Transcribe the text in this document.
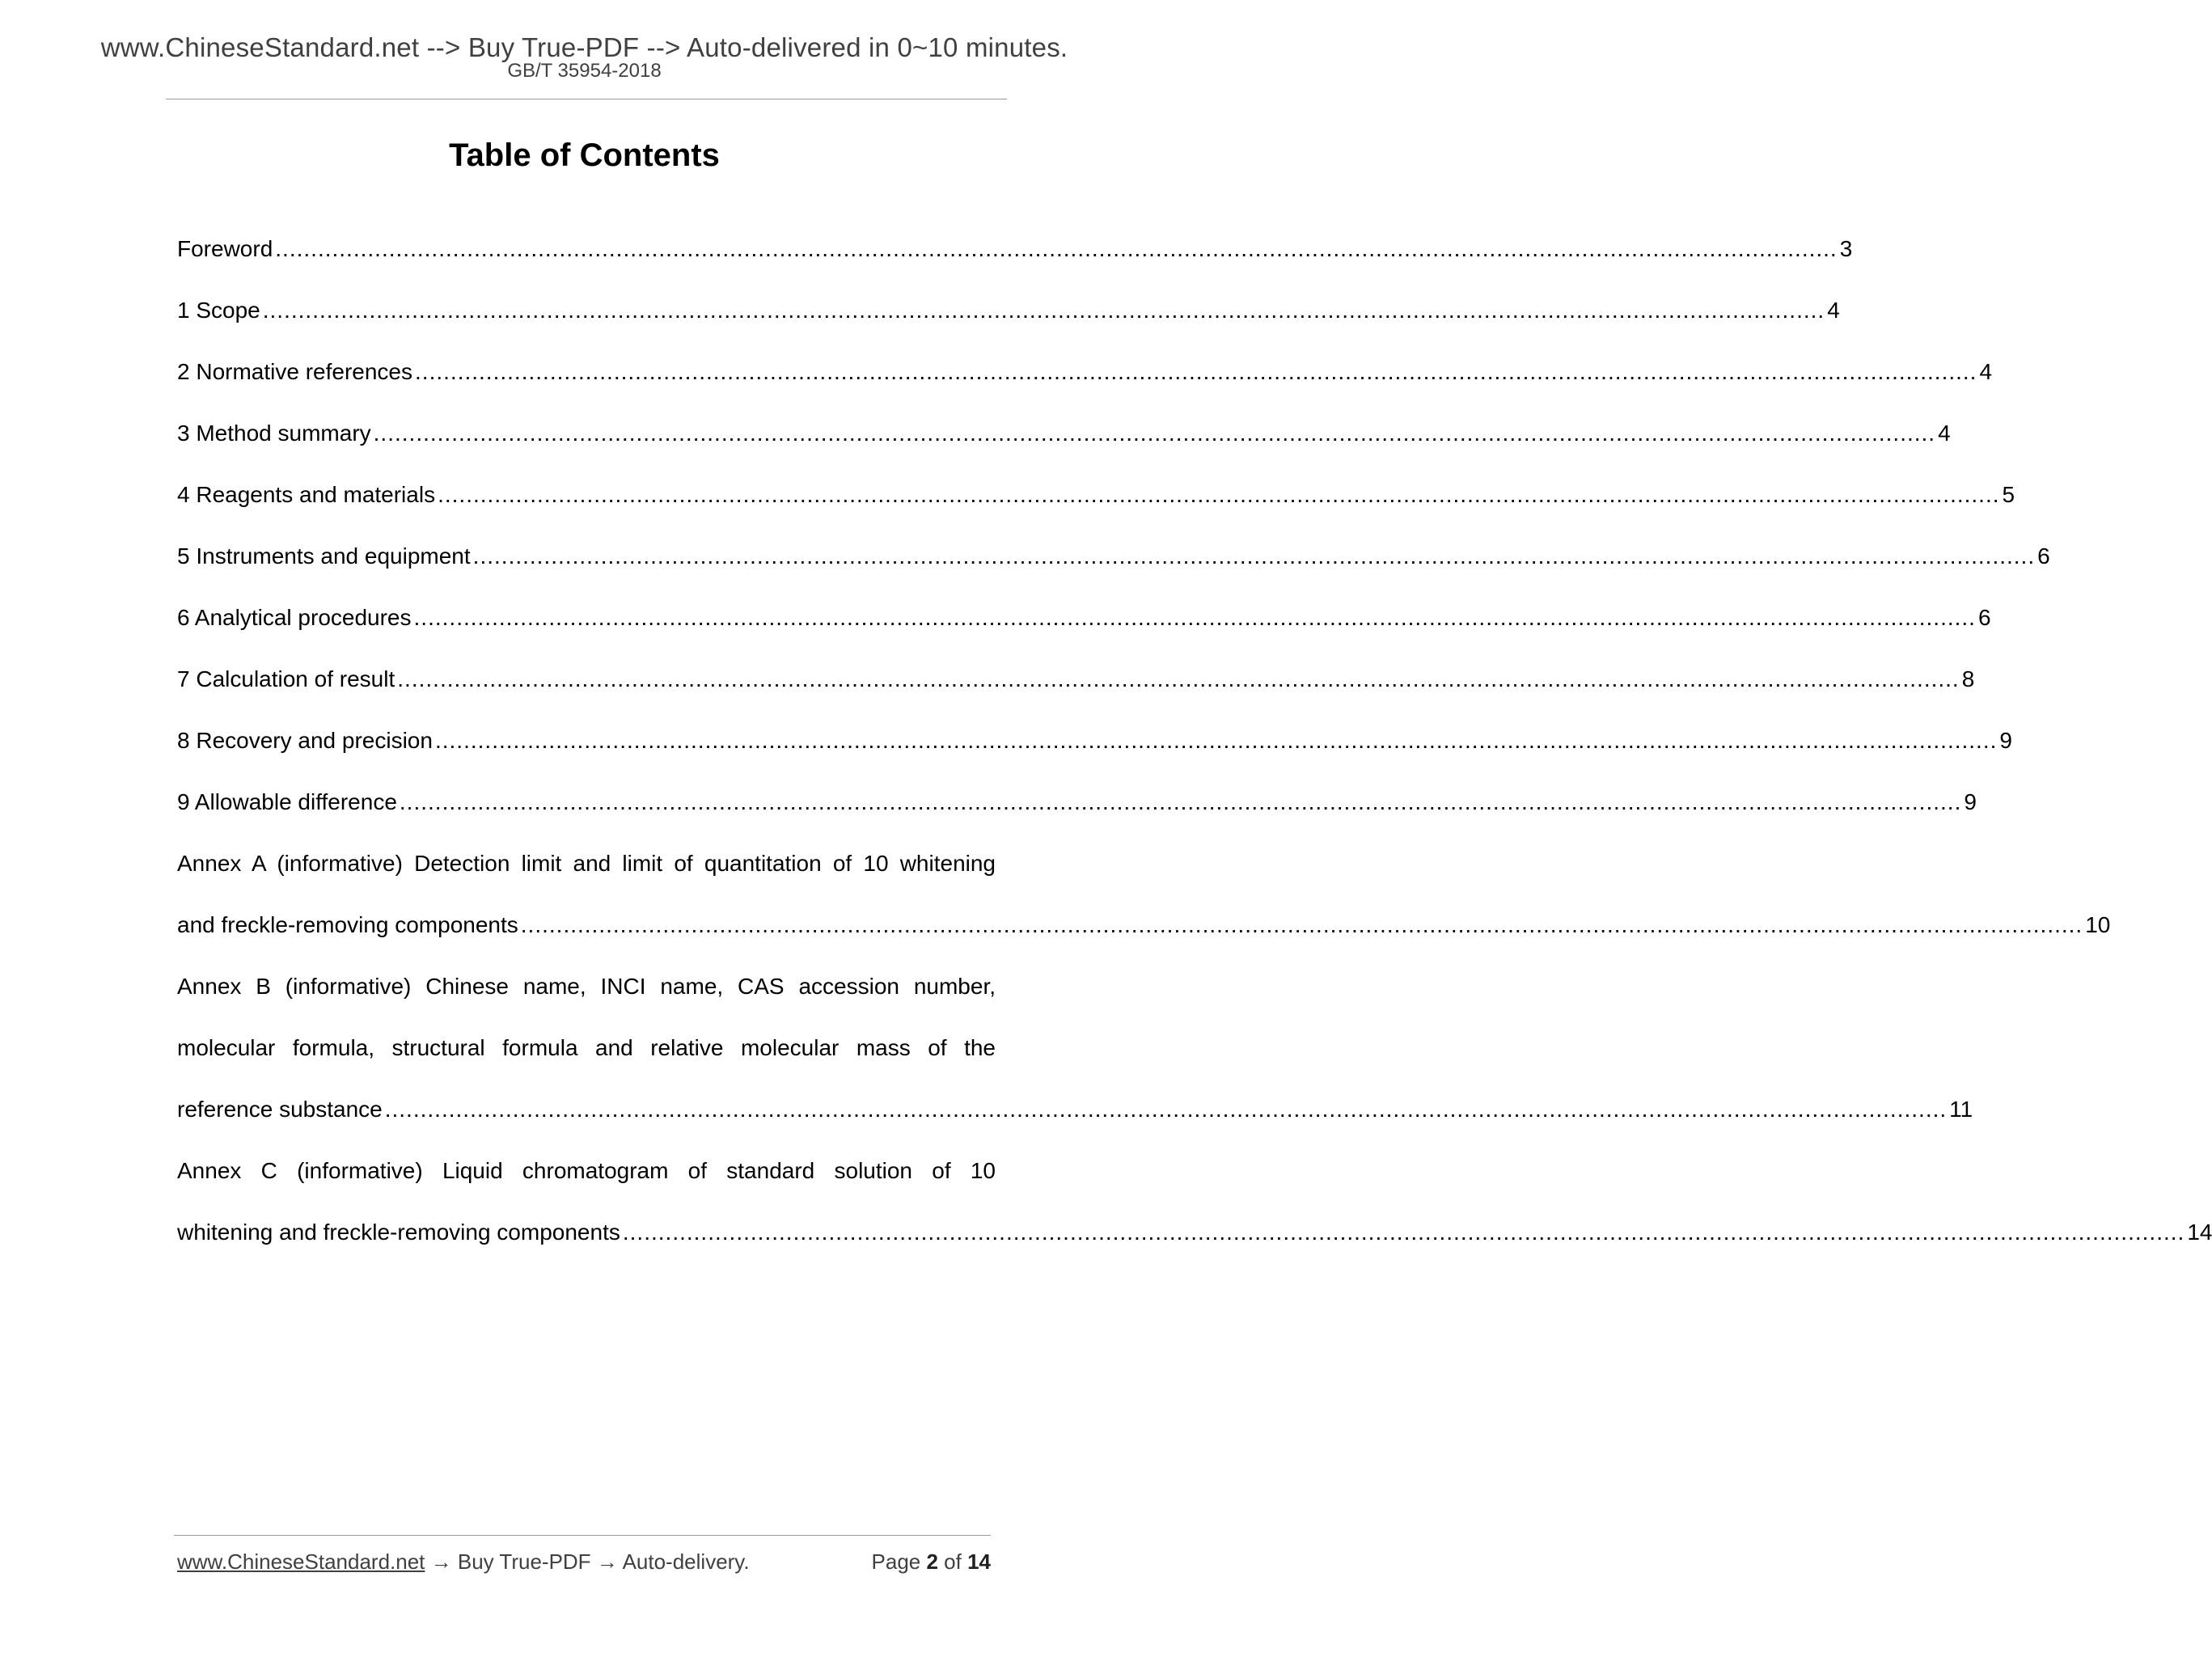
www.ChineseStandard.net --> Buy True-PDF --> Auto-delivered in 0~10 minutes.
GB/T 35954-2018
Table of Contents
Foreword ............................................................................................................................................................................................................................ 3
1 Scope ............................................................................................................................................................................................................................ 4
2 Normative references ............................................................................................................................................................................................................................ 4
3 Method summary ............................................................................................................................................................................................................................ 4
4 Reagents and materials ............................................................................................................................................................................................................................ 5
5 Instruments and equipment ............................................................................................................................................................................................................................ 6
6 Analytical procedures ............................................................................................................................................................................................................................ 6
7 Calculation of result ............................................................................................................................................................................................................................ 8
8 Recovery and precision ............................................................................................................................................................................................................................ 9
9 Allowable difference ............................................................................................................................................................................................................................ 9
Annex A (informative) Detection limit and limit of quantitation of 10 whitening
and freckle-removing components ............................................................................................................................................................................................................................ 10
Annex B (informative) Chinese name, INCI name, CAS accession number,
molecular formula, structural formula and relative molecular mass of the
reference substance ............................................................................................................................................................................................................................ 11
Annex C (informative) Liquid chromatogram of standard solution of 10
whitening and freckle-removing components ............................................................................................................................................................................................................................ 14
www.ChineseStandard.net → Buy True-PDF → Auto-delivery.	Page 2 of 14
